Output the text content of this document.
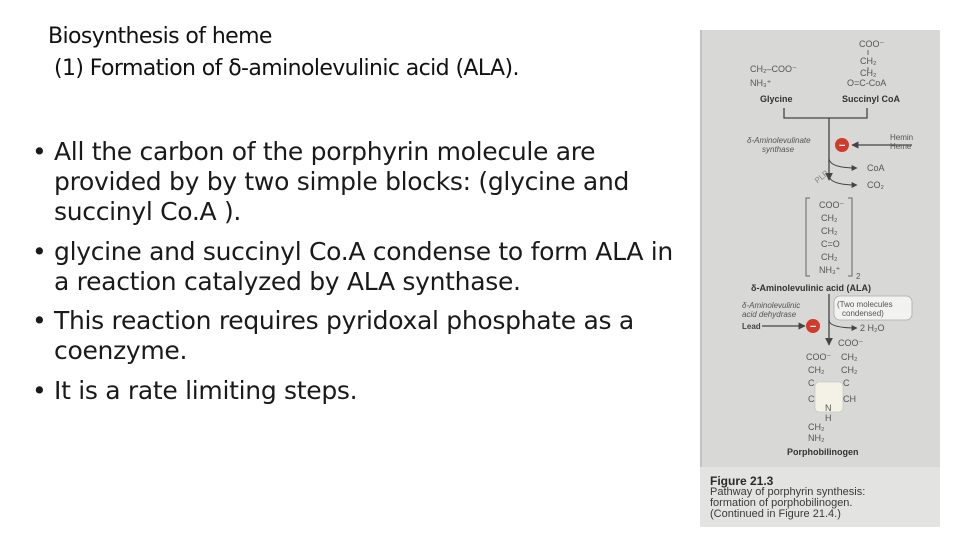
Biosynthesis of heme
(1) Formation of δ-aminolevulinic acid (ALA).
• All the carbon of the porphyrin molecule are provided by by two simple blocks: (glycine and succinyl Co.A ).
• glycine and succinyl Co.A condense to form ALA in a reaction catalyzed by ALA synthase.
• This reaction requires pyridoxal phosphate as a coenzyme.
• It is a rate limiting steps.
CH₂–COO⁻
NH₃⁺
Glycine
COO⁻
CH₂
CH₂
O=C-CoA
Succinyl CoA
δ-Aminolevulinate
synthase	−
Hemin
Heme
PLP
CoA
CO₂
COO⁻
CH₂
CH₂
C=O
CH₂
NH₃⁺
2
δ-Aminolevulinic acid (ALA)
δ-Aminolevulinic
acid dehydrase
(Two molecules
condensed)
Lead	−	2 H₂O
COO⁻
COO⁻ CH₂
CH₂ CH₂
C	C
C	CH
N
H
CH₂
NH₂
Porphobilinogen
Figure 21.3
Pathway of porphyrin synthesis:
formation of porphobilinogen.
(Continued in Figure 21.4.)
